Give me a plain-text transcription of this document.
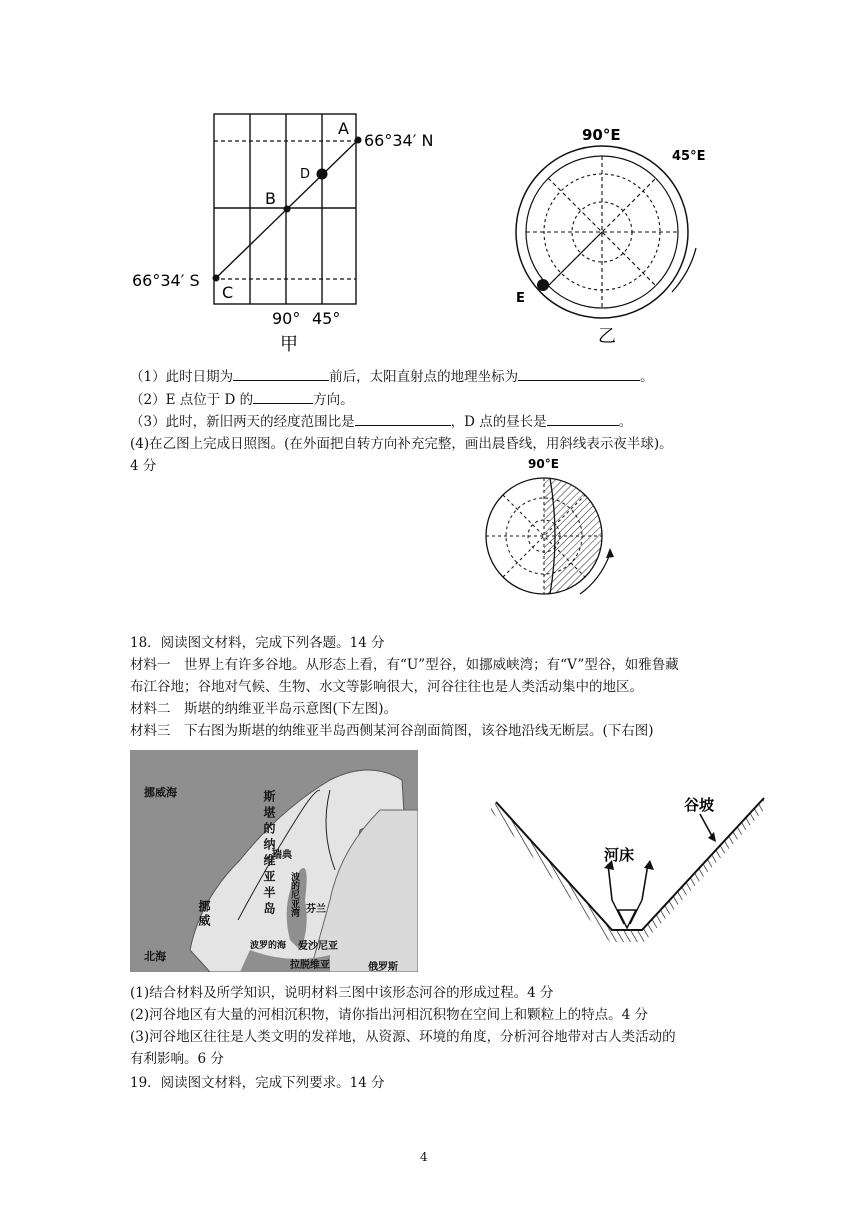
A
B
C
D
66°34′ N
66°34′ S
90° 45°
甲
90°E
45°E
E
乙
（1）此时日期为	前后，太阳直射点的地理坐标为	。
（2）E 点位于 D 的	方向。
（3）此时，新旧两天的经度范围比是	，D 点的昼长是	。
(4)在乙图上完成日照图。(在外面把自转方向补充完整，画出晨昏线，用斜线表示夜半球)。
4 分	90°E
18．阅读图文材料，完成下列各题。14 分
材料一　世界上有许多谷地。从形态上看，有“U”型谷，如挪威峡湾；有“V”型谷，如雅鲁藏
布江谷地；谷地对气候、生物、水文等影响很大，河谷往往也是人类活动集中的地区。
材料二　斯堪的纳维亚半岛示意图(下左图)。
材料三　下右图为斯堪的纳维亚半岛西侧某河谷剖面简图，该谷地沿线无断层。(下右图)
挪威海	斯堪的纳维亚半岛
瑞典
挪威	波的尼亚湾 芬兰
波罗的海 爱沙尼亚
拉脱维亚
北海
俄罗斯
谷坡
河床
(1)结合材料及所学知识，说明材料三图中该形态河谷的形成过程。4 分
(2)河谷地区有大量的河相沉积物，请你指出河相沉积物在空间上和颗粒上的特点。4 分
(3)河谷地区往往是人类文明的发祥地，从资源、环境的角度，分析河谷地带对古人类活动的
有利影响。6 分
19．阅读图文材料，完成下列要求。14 分
4
